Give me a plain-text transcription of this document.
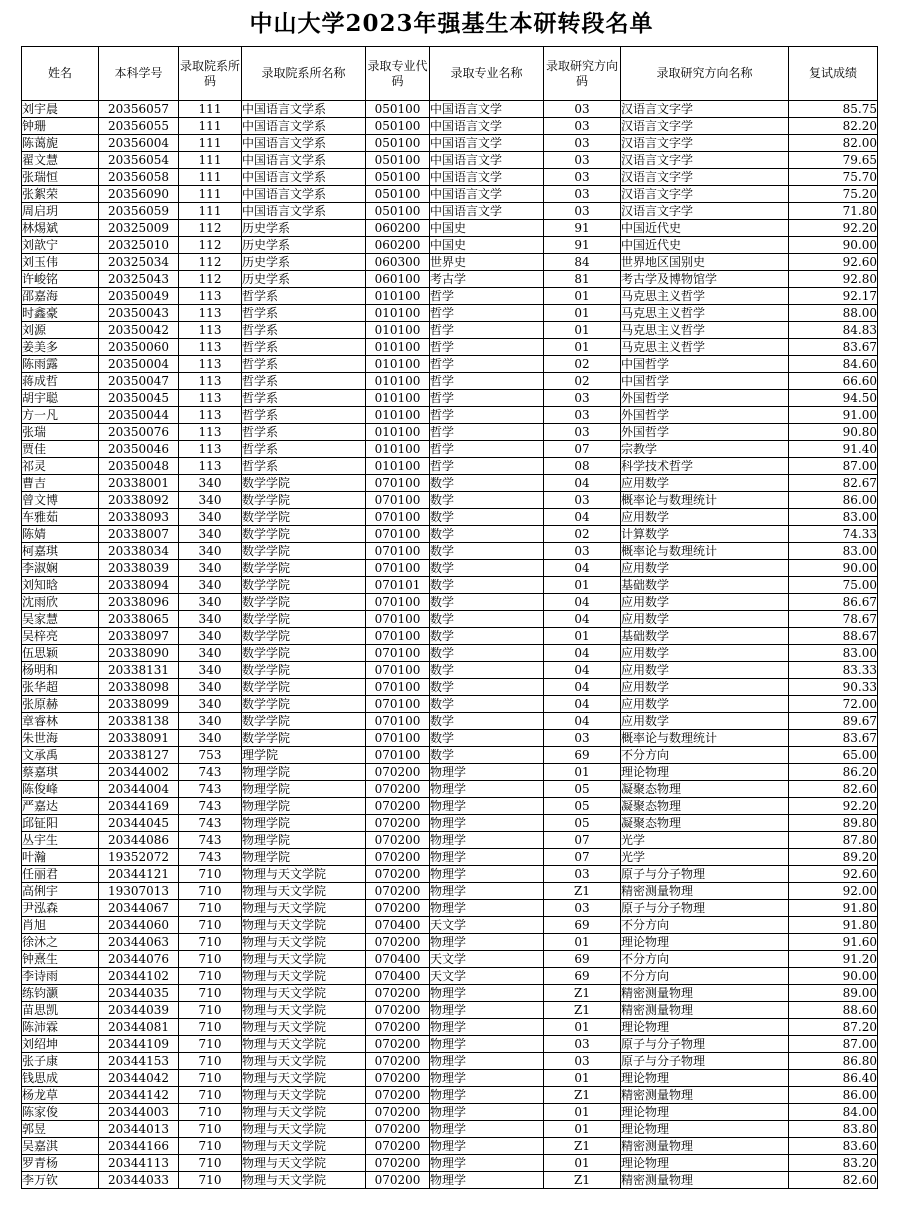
中山大学2023年强基生本研转段名单
姓名	本科学号	录取院系所码	录取院系所名称	录取专业代码	录取专业名称	录取研究方向码	录取研究方向名称	复试成绩
刘宇晨	20356057	111	中国语言文学系	050100	中国语言文学	03	汉语言文字学	85.75
钟珊	20356055	111	中国语言文学系	050100	中国语言文学	03	汉语言文字学	82.20
陈蔼旎	20356004	111	中国语言文学系	050100	中国语言文学	03	汉语言文字学	82.00
翟文慧	20356054	111	中国语言文学系	050100	中国语言文学	03	汉语言文字学	79.65
张瑞恒	20356058	111	中国语言文学系	050100	中国语言文学	03	汉语言文字学	75.70
张絮荣	20356090	111	中国语言文学系	050100	中国语言文学	03	汉语言文字学	75.20
周启玥	20356059	111	中国语言文学系	050100	中国语言文学	03	汉语言文字学	71.80
林焬斌	20325009	112	历史学系	060200	中国史	91	中国近代史	92.20
刘歆宁	20325010	112	历史学系	060200	中国史	91	中国近代史	90.00
刘玉伟	20325034	112	历史学系	060300	世界史	84	世界地区国别史	92.60
许峻铭	20325043	112	历史学系	060100	考古学	81	考古学及博物馆学	92.80
邵嘉海	20350049	113	哲学系	010100	哲学	01	马克思主义哲学	92.17
时鑫豪	20350043	113	哲学系	010100	哲学	01	马克思主义哲学	88.00
刘源	20350042	113	哲学系	010100	哲学	01	马克思主义哲学	84.83
姜美多	20350060	113	哲学系	010100	哲学	01	马克思主义哲学	83.67
陈雨露	20350004	113	哲学系	010100	哲学	02	中国哲学	84.60
蒋成哲	20350047	113	哲学系	010100	哲学	02	中国哲学	66.60
胡宇聪	20350045	113	哲学系	010100	哲学	03	外国哲学	94.50
方一凡	20350044	113	哲学系	010100	哲学	03	外国哲学	91.00
张瑞	20350076	113	哲学系	010100	哲学	03	外国哲学	90.80
贾佳	20350046	113	哲学系	010100	哲学	07	宗教学	91.40
祁灵	20350048	113	哲学系	010100	哲学	08	科学技术哲学	87.00
曹吉	20338001	340	数学学院	070100	数学	04	应用数学	82.67
曾文博	20338092	340	数学学院	070100	数学	03	概率论与数理统计	86.00
车雅茹	20338093	340	数学学院	070100	数学	04	应用数学	83.00
陈婧	20338007	340	数学学院	070100	数学	02	计算数学	74.33
柯嘉琪	20338034	340	数学学院	070100	数学	03	概率论与数理统计	83.00
李淑娴	20338039	340	数学学院	070100	数学	04	应用数学	90.00
刘知晗	20338094	340	数学学院	070101	数学	01	基础数学	75.00
沈雨欣	20338096	340	数学学院	070100	数学	04	应用数学	86.67
吴家慧	20338065	340	数学学院	070100	数学	04	应用数学	78.67
吴梓亮	20338097	340	数学学院	070100	数学	01	基础数学	88.67
伍思颖	20338090	340	数学学院	070100	数学	04	应用数学	83.00
杨明和	20338131	340	数学学院	070100	数学	04	应用数学	83.33
张华超	20338098	340	数学学院	070100	数学	04	应用数学	90.33
张原赫	20338099	340	数学学院	070100	数学	04	应用数学	72.00
章睿林	20338138	340	数学学院	070100	数学	04	应用数学	89.67
朱世海	20338091	340	数学学院	070100	数学	03	概率论与数理统计	83.67
文承禹	20338127	753	理学院	070100	数学	69	不分方向	65.00
蔡嘉琪	20344002	743	物理学院	070200	物理学	01	理论物理	86.20
陈俊峰	20344004	743	物理学院	070200	物理学	05	凝聚态物理	82.60
严嘉达	20344169	743	物理学院	070200	物理学	05	凝聚态物理	92.20
邱钲阳	20344045	743	物理学院	070200	物理学	05	凝聚态物理	89.80
丛宇生	20344086	743	物理学院	070200	物理学	07	光学	87.80
叶瀚	19352072	743	物理学院	070200	物理学	07	光学	89.20
任丽君	20344121	710	物理与天文学院	070200	物理学	03	原子与分子物理	92.60
高俐宇	19307013	710	物理与天文学院	070200	物理学	Z1	精密测量物理	92.00
尹泓森	20344067	710	物理与天文学院	070200	物理学	03	原子与分子物理	91.80
肖旭	20344060	710	物理与天文学院	070400	天文学	69	不分方向	91.80
徐沐之	20344063	710	物理与天文学院	070200	物理学	01	理论物理	91.60
钟熹生	20344076	710	物理与天文学院	070400	天文学	69	不分方向	91.20
李诗雨	20344102	710	物理与天文学院	070400	天文学	69	不分方向	90.00
练钧灏	20344035	710	物理与天文学院	070200	物理学	Z1	精密测量物理	89.00
苗思凯	20344039	710	物理与天文学院	070200	物理学	Z1	精密测量物理	88.60
陈沛霖	20344081	710	物理与天文学院	070200	物理学	01	理论物理	87.20
刘绍坤	20344109	710	物理与天文学院	070200	物理学	03	原子与分子物理	87.00
张子康	20344153	710	物理与天文学院	070200	物理学	03	原子与分子物理	86.80
钱思成	20344042	710	物理与天文学院	070200	物理学	01	理论物理	86.40
杨龙草	20344142	710	物理与天文学院	070200	物理学	Z1	精密测量物理	86.00
陈家俊	20344003	710	物理与天文学院	070200	物理学	01	理论物理	84.00
郭昱	20344013	710	物理与天文学院	070200	物理学	01	理论物理	83.80
吴嘉淇	20344166	710	物理与天文学院	070200	物理学	Z1	精密测量物理	83.60
罗青杨	20344113	710	物理与天文学院	070200	物理学	01	理论物理	83.20
李万钦	20344033	710	物理与天文学院	070200	物理学	Z1	精密测量物理	82.60
